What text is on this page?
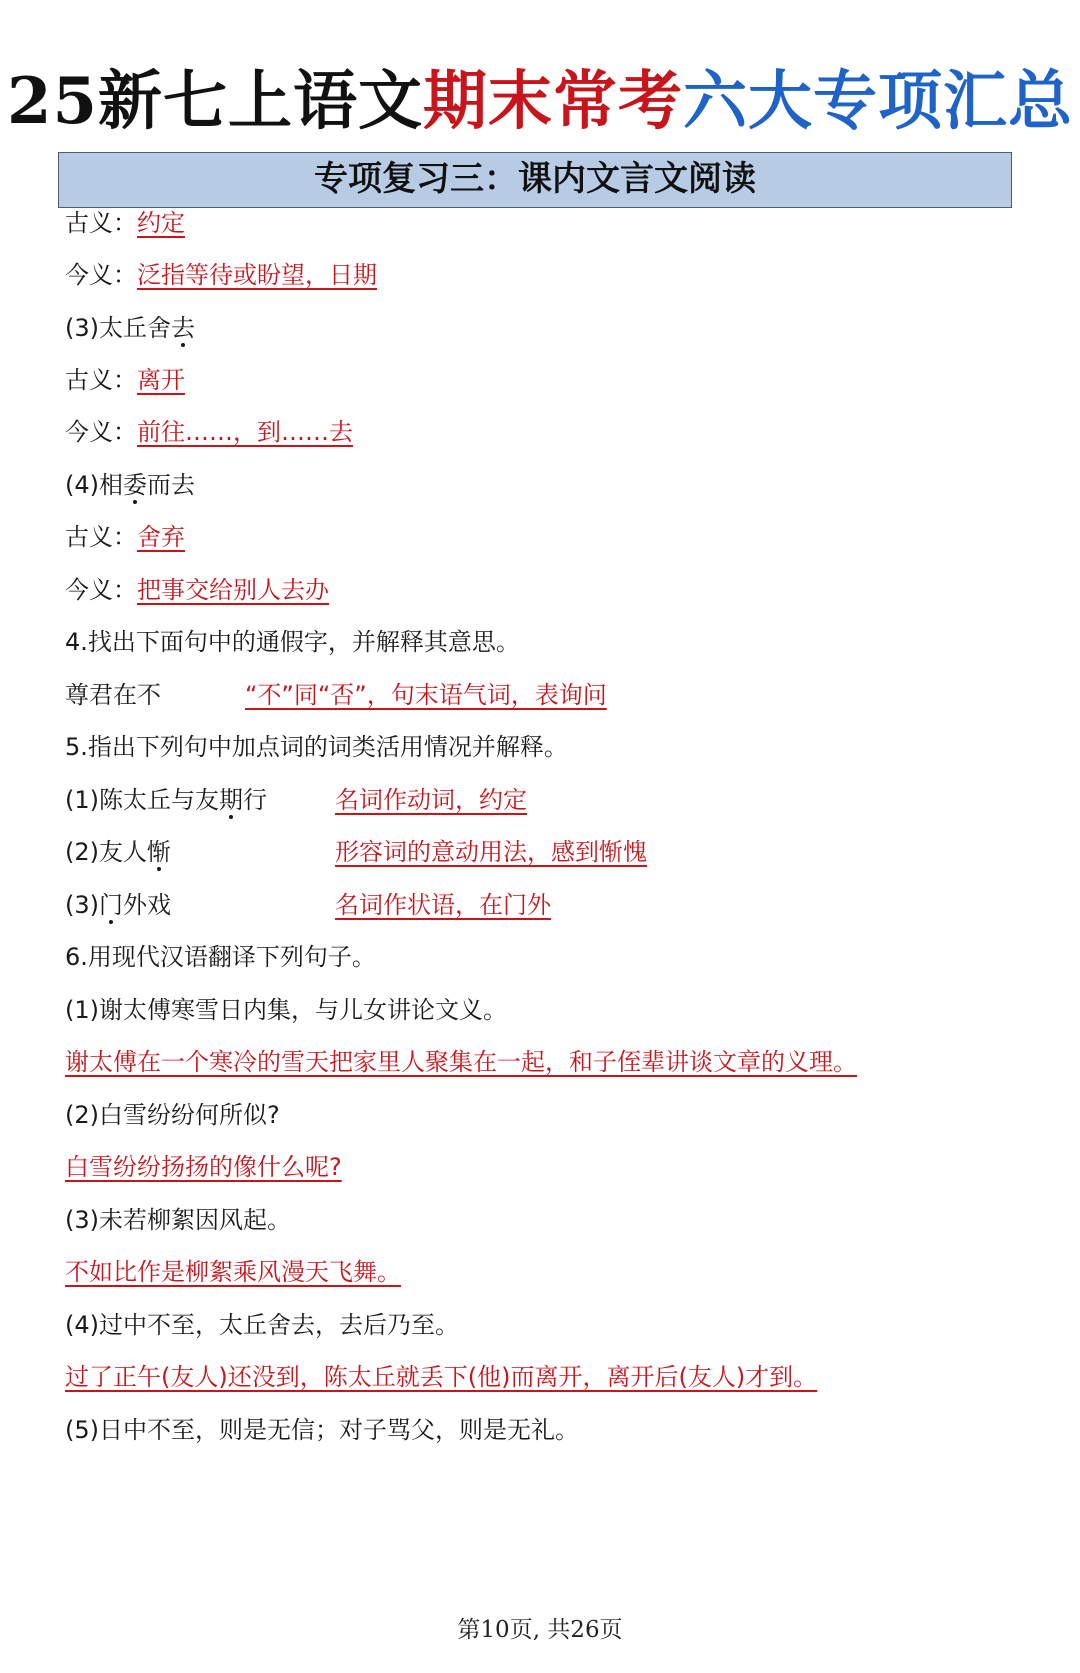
25新七上语文期末常考六大专项汇总
专项复习三：课内文言文阅读
古义：约定
今义：泛指等待或盼望，日期
(3)太丘舍去
古义：离开
今义：前往……，到……去
(4)相委而去
古义：舍弃
今义：把事交给别人去办
4.找出下面句中的通假字，并解释其意思。
尊君在不	“不”同“否”，句末语气词，表询问
5.指出下列句中加点词的词类活用情况并解释。
(1)陈太丘与友期行	名词作动词，约定
(2)友人惭	形容词的意动用法，感到惭愧
(3)门外戏	名词作状语，在门外
6.用现代汉语翻译下列句子。
(1)谢太傅寒雪日内集，与儿女讲论文义。
谢太傅在一个寒冷的雪天把家里人聚集在一起，和子侄辈讲谈文章的义理。
(2)白雪纷纷何所似?
白雪纷纷扬扬的像什么呢?
(3)未若柳絮因风起。
不如比作是柳絮乘风漫天飞舞。
(4)过中不至，太丘舍去，去后乃至。
过了正午(友人)还没到，陈太丘就丢下(他)而离开，离开后(友人)才到。
(5)日中不至，则是无信；对子骂父，则是无礼。
第10页, 共26页
